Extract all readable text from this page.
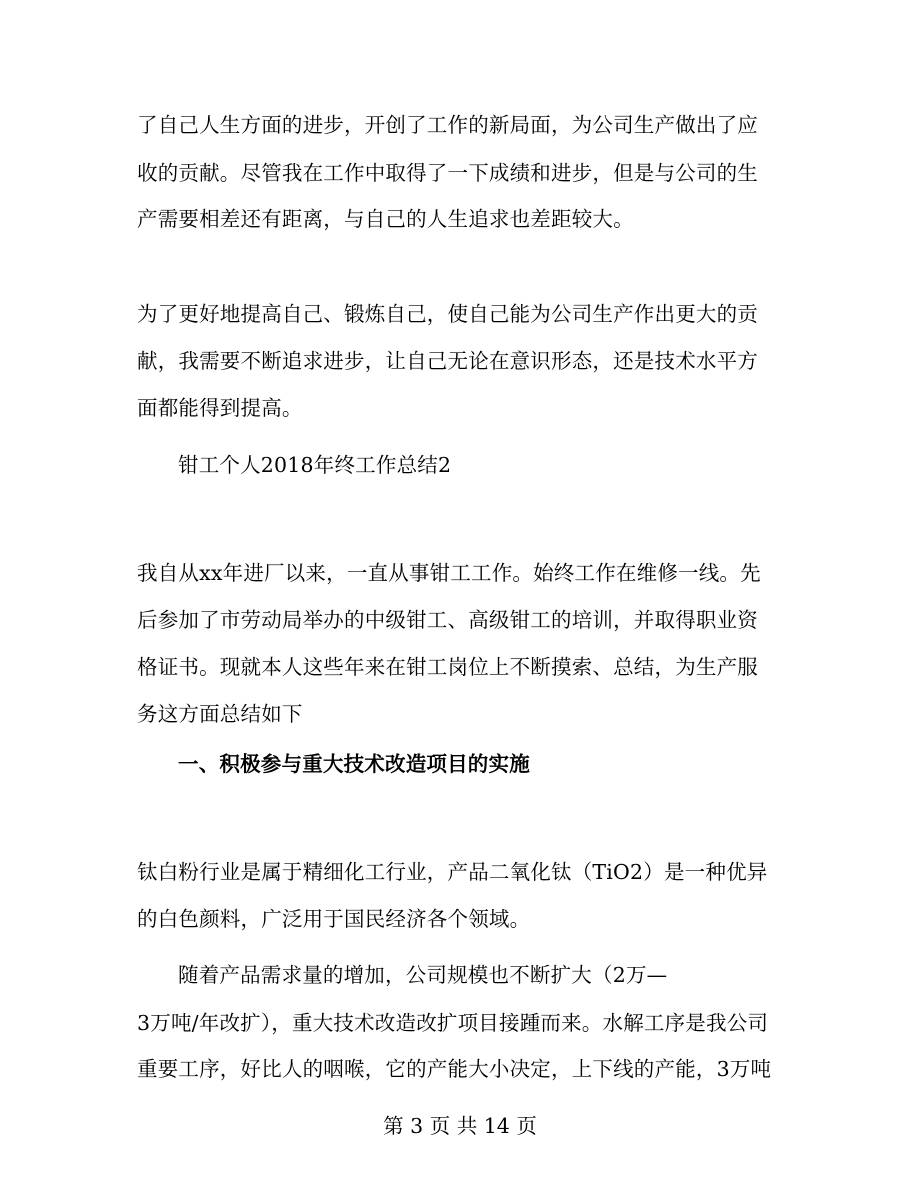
了自己人生方面的进步，开创了工作的新局面，为公司生产做出了应
收的贡献。尽管我在工作中取得了一下成绩和进步，但是与公司的生
产需要相差还有距离，与自己的人生追求也差距较大。
为了更好地提高自己、锻炼自己，使自己能为公司生产作出更大的贡
献，我需要不断追求进步，让自己无论在意识形态，还是技术水平方
面都能得到提高。
钳工个人2018年终工作总结2
我自从xx年进厂以来，一直从事钳工工作。始终工作在维修一线。先
后参加了市劳动局举办的中级钳工、高级钳工的培训，并取得职业资
格证书。现就本人这些年来在钳工岗位上不断摸索、总结，为生产服
务这方面总结如下
一、积极参与重大技术改造项目的实施
钛白粉行业是属于精细化工行业，产品二氧化钛（TiO2）是一种优异
的白色颜料，广泛用于国民经济各个领域。
随着产品需求量的增加，公司规模也不断扩大（2万—
3万吨/年改扩），重大技术改造改扩项目接踵而来。水解工序是我公司
重要工序，好比人的咽喉，它的产能大小决定，上下线的产能，3万吨
第 3 页 共 14 页
